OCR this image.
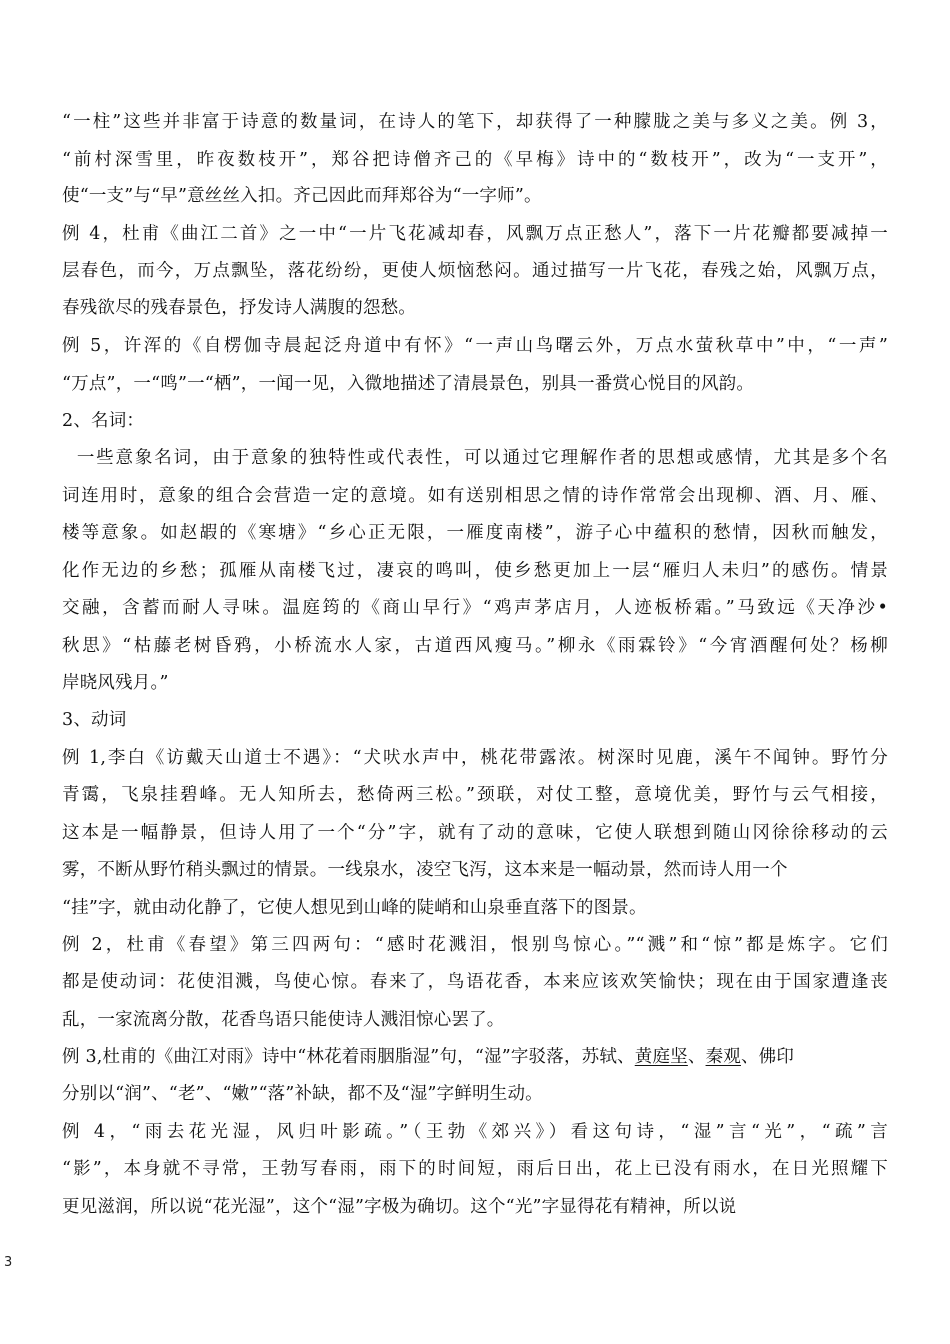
“一柱”这些并非富于诗意的数量词，在诗人的笔下，却获得了一种朦胧之美与多义之美。例 3，
“前村深雪里，昨夜数枝开”，郑谷把诗僧齐己的《早梅》诗中的“数枝开”，改为“一支开”，
使“一支”与“早”意丝丝入扣。齐己因此而拜郑谷为“一字师”。
例 4，杜甫《曲江二首》之一中“一片飞花减却春，风飘万点正愁人”，落下一片花瓣都要减掉一
层春色，而今，万点飘坠，落花纷纷，更使人烦恼愁闷。通过描写一片飞花，春残之始，风飘万点，
春残欲尽的残春景色，抒发诗人满腹的怨愁。
例 5，许浑的《自楞伽寺晨起泛舟道中有怀》“一声山鸟曙云外，万点水萤秋草中”中，“一声”
“万点”，一“鸣”一“栖”，一闻一见，入微地描述了清晨景色，别具一番赏心悦目的风韵。
2、名词：
一些意象名词，由于意象的独特性或代表性，可以通过它理解作者的思想或感情，尤其是多个名
词连用时，意象的组合会营造一定的意境。如有送别相思之情的诗作常常会出现柳、酒、月、雁、
楼等意象。如赵嘏的《寒塘》“乡心正无限，一雁度南楼”，游子心中蕴积的愁情，因秋而触发，
化作无边的乡愁；孤雁从南楼飞过，凄哀的鸣叫，使乡愁更加上一层“雁归人未归”的感伤。情景
交融，含蓄而耐人寻味。温庭筠的《商山早行》“鸡声茅店月，人迹板桥霜。”马致远《天净沙•
秋思》“枯藤老树昏鸦，小桥流水人家，古道西风瘦马。”柳永《雨霖铃》“今宵酒醒何处？杨柳
岸晓风残月。”
3、动词
例 1,李白《访戴天山道士不遇》：“犬吠水声中，桃花带露浓。树深时见鹿，溪午不闻钟。野竹分
青霭，飞泉挂碧峰。无人知所去，愁倚两三松。”颈联，对仗工整，意境优美，野竹与云气相接，
这本是一幅静景，但诗人用了一个“分”字，就有了动的意味，它使人联想到随山冈徐徐移动的云
雾，不断从野竹稍头飘过的情景。一线泉水，凌空飞泻，这本来是一幅动景，然而诗人用一个
“挂”字，就由动化静了，它使人想见到山峰的陡峭和山泉垂直落下的图景。
例 2，杜甫《春望》第三四两句：“感时花溅泪，恨别鸟惊心。”“溅”和“惊”都是炼字。它们
都是使动词：花使泪溅，鸟使心惊。春来了，鸟语花香，本来应该欢笑愉快；现在由于国家遭逢丧
乱，一家流离分散，花香鸟语只能使诗人溅泪惊心罢了。
例 3,杜甫的《曲江对雨》诗中“林花着雨胭脂湿”句，“湿”字驳落，苏轼、黄庭坚、秦观、佛印
分别以“润”、“老”、“嫩”“落”补缺，都不及“湿”字鲜明生动。
例 4，“雨去花光湿，风归叶影疏。”（王勃《郊兴》）看这句诗，“湿”言“光”，“疏”言
“影”，本身就不寻常，王勃写春雨，雨下的时间短，雨后日出，花上已没有雨水，在日光照耀下
更见滋润，所以说“花光湿”，这个“湿”字极为确切。这个“光”字显得花有精神，所以说
3
